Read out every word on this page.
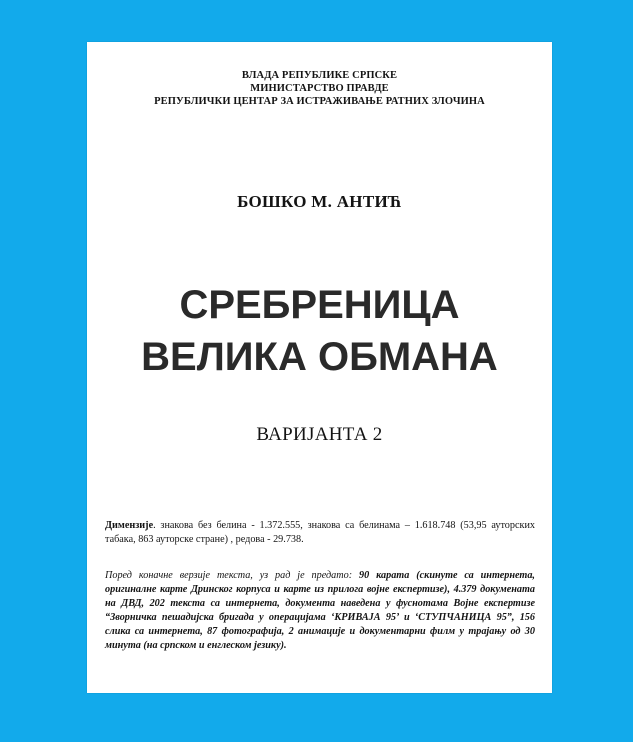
ВЛАДА РЕПУБЛИКЕ СРПСКЕ
МИНИСТАРСТВО ПРАВДЕ
РЕПУБЛИЧКИ ЦЕНТАР ЗА ИСТРАЖИВАЊЕ РАТНИХ ЗЛОЧИНА
БОШКО М. АНТИЋ
СРЕБРЕНИЦА
ВЕЛИКА ОБМАНА
ВАРИЈАНТА 2
Димензије. знакова без белина - 1.372.555, знакова са белинама – 1.618.748 (53,95 ауторских табака, 863 ауторске стране) , редова - 29.738.
Поред коначне верзије текста, уз рад је предато: 90 карата (скинуте са интернета, оригиналне карте Дринског корпуса и карте из прилога војне експертизе), 4.379 докумената на ДВД, 202 текста са интернета, документа наведена у фуснотама Војне експертизе “Зворничка пешадијска бригада у операцијама ‘КРИВАЈА 95’ и ‘СТУПЧАНИЦА 95”, 156 слика са интернета, 87 фотографија, 2 анимације и документарни филм у трајању од 30 минута (на српском и енглеском језику).
